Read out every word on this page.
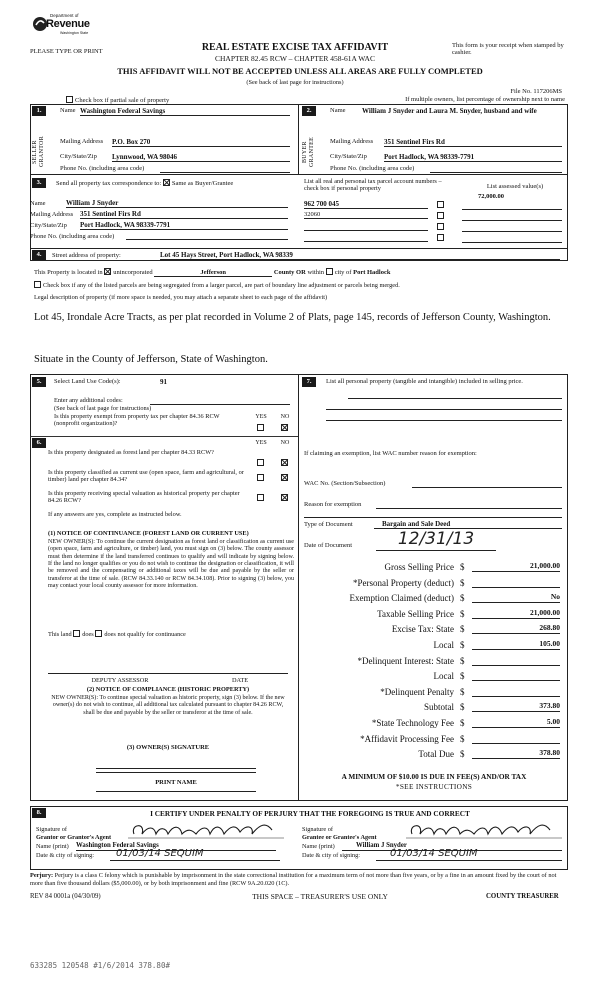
Department of
Revenue
Washington State
PLEASE TYPE OR PRINT	REAL ESTATE EXCISE TAX AFFIDAVIT
CHAPTER 82.45 RCW – CHAPTER 458-61A WAC
This form is your receipt when stamped by cashier.
THIS AFFIDAVIT WILL NOT BE ACCEPTED UNLESS ALL AREAS ARE FULLY COMPLETED
(See back of last page for instructions)
File No. 117206MS
Check box if partial sale of property	If multiple owners, list percentage of ownership next to name
1.
SELLER GRANTOR
Name Washington Federal Savings
Mailing Address P.O. Box 270
City/State/Zip Lynnwood, WA 98046
Phone No. (including area code)
2.
BUYER GRANTEE
Name William J Snyder and Laura M. Snyder, husband and wife
Mailing Address 351 Sentinel Firs Rd
City/State/Zip Port Hadlock, WA 98339-7791
Phone No. (including area code)
3.	Send all property tax correspondence to: Same as Buyer/Grantee
Name	William J Snyder
Mailing Address 351 Sentinel Firs Rd
City/State/Zip Port Hadlock, WA 98339-7791
Phone No. (including area code)
List all real and personal tax parcel account numbers – check box if personal property	List assessed value(s)
962 700 045
32060
72,000.00
4.	Street address of property:	Lot 45 Hays Street, Port Hadlock, WA 98339
This Property is located in unincorporated	Jefferson	County OR within city of Port Hadlock
Check box if any of the listed parcels are being segregated from a larger parcel, are part of boundary line adjustment or parcels being merged.
Legal description of property (if more space is needed, you may attach a separate sheet to each page of the affidavit)
Lot 45, Irondale Acre Tracts, as per plat recorded in Volume 2 of Plats, page 145, records of Jefferson County, Washington.
Situate in the County of Jefferson, State of Washington.
5.	Select Land Use Code(s):	91
Enter any additional codes:
(See back of last page for instructions)
YES	NO
Is this property exempt from property tax per chapter 84.36 RCW (nonprofit organization)?
6.	YES	NO
Is this property designated as forest land per chapter 84.33 RCW?
Is this property classified as current use (open space, farm and agricultural, or timber) land per chapter 84.34?
Is this property receiving special valuation as historical property per chapter 84.26 RCW?
If any answers are yes, complete as instructed below.
(1) NOTICE OF CONTINUANCE (FOREST LAND OR CURRENT USE)
NEW OWNER(S): To continue the current designation as forest land or classification as current use (open space, farm and agriculture, or timber) land, you must sign on (3) below. The county assessor must then determine if the land transferred continues to qualify and will indicate by signing below. If the land no longer qualifies or you do not wish to continue the designation or classification, it will be removed and the compensating or additional taxes will be due and payable by the seller or transferor at the time of sale. (RCW 84.33.140 or RCW 84.34.108). Prior to signing (3) below, you may contact your local county assessor for more information.
This land does does not qualify for continuance
DEPUTY ASSESSOR	DATE
(2) NOTICE OF COMPLIANCE (HISTORIC PROPERTY)
NEW OWNER(S): To continue special valuation as historic property, sign (3) below. If the new owner(s) do not wish to continue, all additional tax calculated pursuant to chapter 84.26 RCW, shall be due and payable by the seller or transferor at the time of sale.
(3) OWNER(S) SIGNATURE
PRINT NAME
7.	List all personal property (tangible and intangible) included in selling price.
If claiming an exemption, list WAC number reason for exemption:
WAC No. (Section/Subsection)
Reason for exemption
Type of Document	Bargain and Sale Deed
Date of Document	12/31/13
Gross Selling Price $	21,000.00
*Personal Property (deduct) $
Exemption Claimed (deduct) $	No
Taxable Selling Price $	21,000.00
Excise Tax: State $	268.80
Local $	105.00
*Delinquent Interest: State $
Local $
*Delinquent Penalty $
Subtotal $	373.80
*State Technology Fee $	5.00
*Affidavit Processing Fee $
Total Due $	378.80
A MINIMUM OF $10.00 IS DUE IN FEE(S) AND/OR TAX
*SEE INSTRUCTIONS
8.	I CERTIFY UNDER PENALTY OF PERJURY THAT THE FOREGOING IS TRUE AND CORRECT
Signature of
Grantor or Grantor's Agent
Name (print) Washington Federal Savings
Date & city of signing:	01/03/14 SEQUIM
Signature of
Grantee or Grantee's Agent
Name (print)	William J Snyder
Date & city of signing:	01/03/14 SEQUIM
Perjury: Perjury is a class C felony which is punishable by imprisonment in the state correctional institution for a maximum term of not more than five years, or by a fine in an amount fixed by the court of not more than five thousand dollars ($5,000.00), or by both imprisonment and fine (RCW 9A.20.020 (1C).
REV 84 0001a (04/30/09)	THIS SPACE – TREASURER'S USE ONLY	COUNTY TREASURER
633285 120548 #1/6/2014 378.80#
